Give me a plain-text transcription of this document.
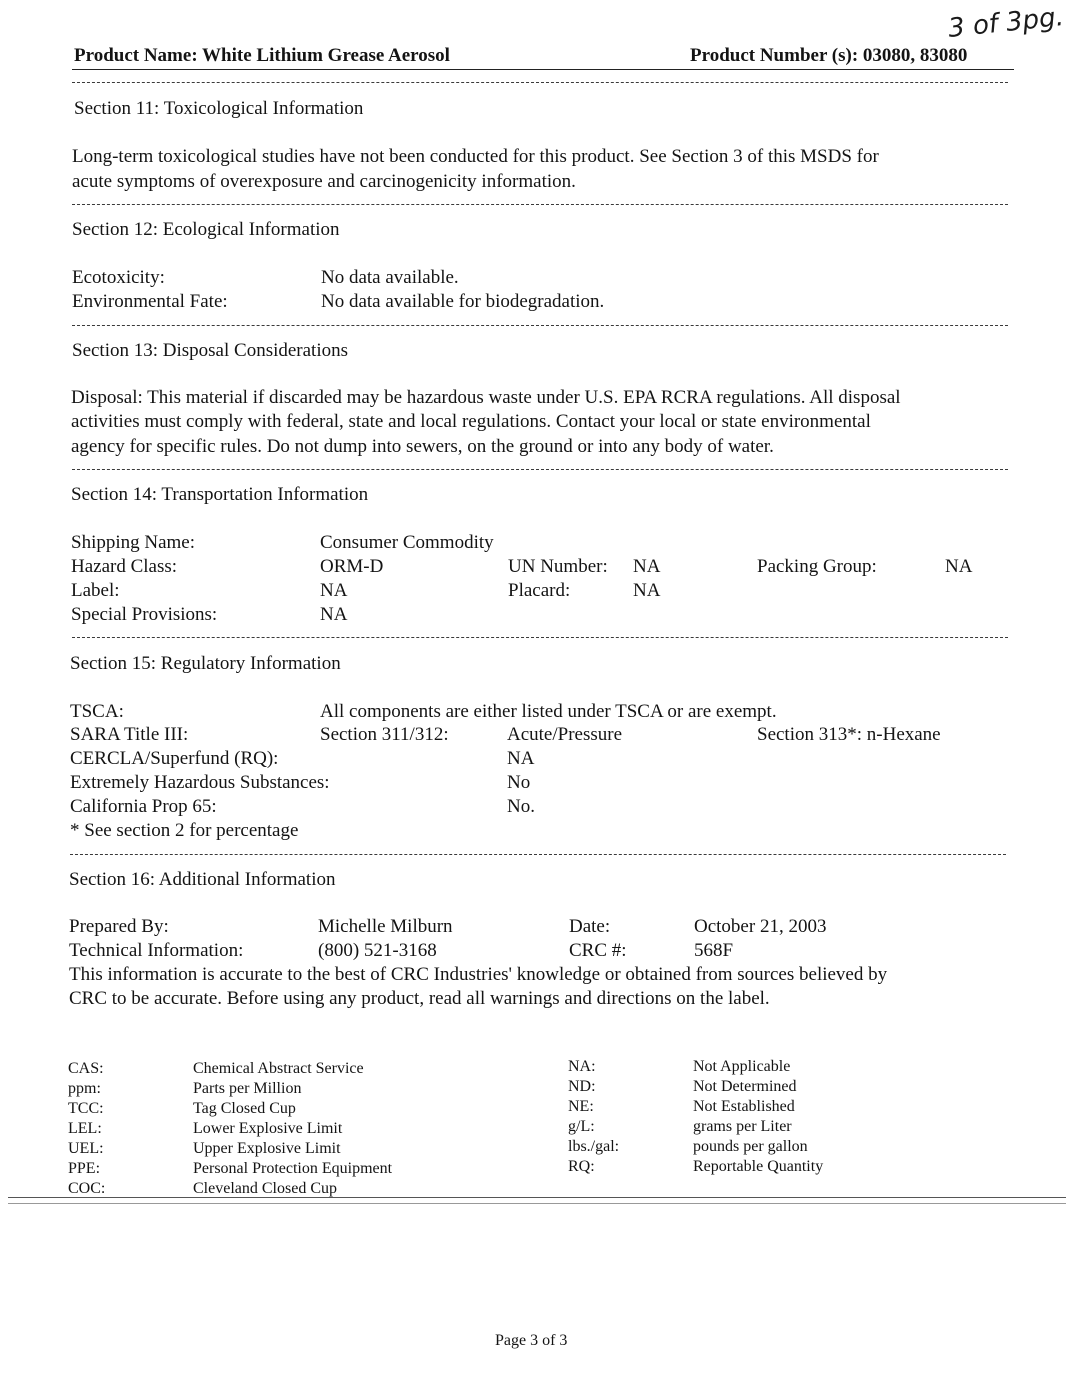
Product Name: White Lithium Grease Aerosol	Product Number (s): 03080, 83080
3 of 3pg.
Section 11: Toxicological Information
Long-term toxicological studies have not been conducted for this product. See Section 3 of this MSDS for
acute symptoms of overexposure and carcinogenicity information.
Section 12: Ecological Information
Ecotoxicity:	No data available.
Environmental Fate:	No data available for biodegradation.
Section 13: Disposal Considerations
Disposal: This material if discarded may be hazardous waste under U.S. EPA RCRA regulations. All disposal
activities must comply with federal, state and local regulations. Contact your local or state environmental
agency for specific rules. Do not dump into sewers, on the ground or into any body of water.
Section 14: Transportation Information
Shipping Name:	Consumer Commodity
Hazard Class:	ORM-D	UN Number: NA	Packing Group:	NA
Label:	NA	Placard:	NA
Special Provisions:	NA
Section 15: Regulatory Information
TSCA:	All components are either listed under TSCA or are exempt.
SARA Title III:	Section 311/312:	Acute/Pressure	Section 313*: n-Hexane
CERCLA/Superfund (RQ):	NA
Extremely Hazardous Substances:	No
California Prop 65:	No.
* See section 2 for percentage
Section 16: Additional Information
Prepared By:	Michelle Milburn	Date:	October 21, 2003
Technical Information:	(800) 521-3168	CRC #:	568F
This information is accurate to the best of CRC Industries' knowledge or obtained from sources believed by
CRC to be accurate. Before using any product, read all warnings and directions on the label.
CAS:	Chemical Abstract Service
ppm:	Parts per Million
TCC:	Tag Closed Cup
LEL:	Lower Explosive Limit
UEL:	Upper Explosive Limit
PPE:	Personal Protection Equipment
COC:	Cleveland Closed Cup
NA:	Not Applicable
ND:	Not Determined
NE:	Not Established
g/L:	grams per Liter
lbs./gal:	pounds per gallon
RQ:	Reportable Quantity
Page 3 of 3
